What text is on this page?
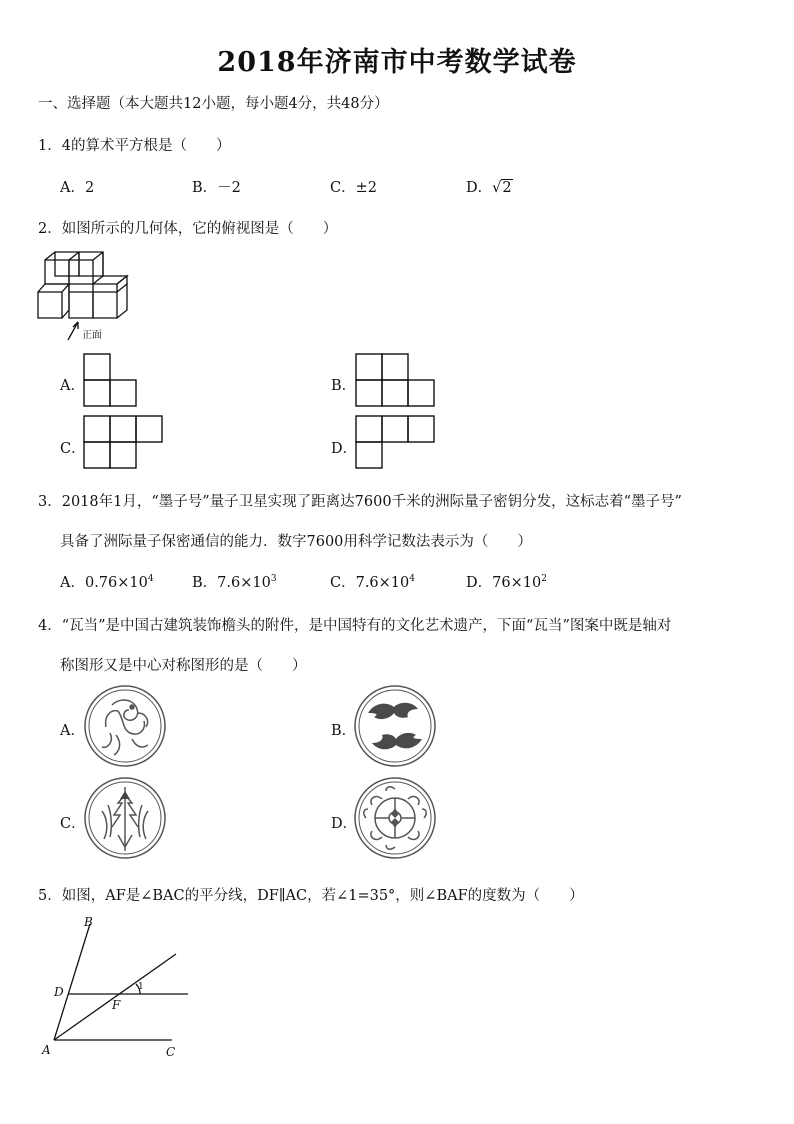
2018年济南市中考数学试卷
一、选择题（本大题共12小题，每小题4分，共48分）
1．4的算术平方根是（　　）
A．2	B．－2	C．±2	D．√2
2．如图所示的几何体，它的俯视图是（　　）
正面
A．	B．
C．	D．
3．2018年1月，“墨子号”量子卫星实现了距离达7600千米的洲际量子密钥分发，这标志着“墨子号”
具备了洲际量子保密通信的能力．数字7600用科学记数法表示为（　　）
A．$0.76\times 10^4$	B．$7.6\times 10^3$	C．$7.6\times 10^4$	D．$76\times 10^2$
4．“瓦当”是中国古建筑装饰檐头的附件，是中国特有的文化艺术遗产，下面“瓦当”图案中既是轴对
称图形又是中心对称图形的是（　　）
A．	B．
C．	D．
5．如图，AF是∠BAC的平分线，DF∥AC，若∠1=35°，则∠BAF的度数为（　　）
B
D
F
A	C
1
